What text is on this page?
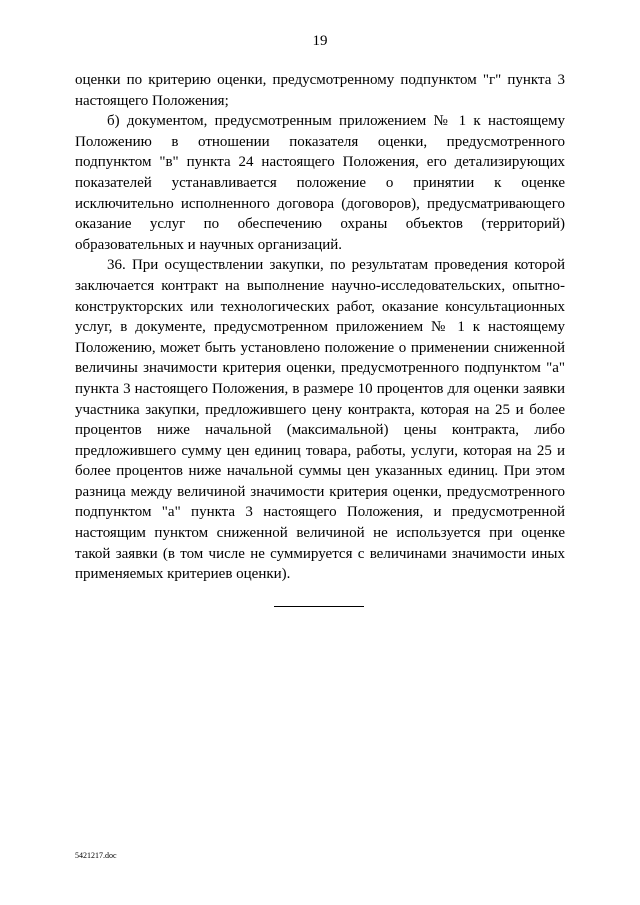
19

оценки по критерию оценки, предусмотренному подпунктом "г" пункта 3 настоящего Положения;

б) документом, предусмотренным приложением № 1 к настоящему Положению в отношении показателя оценки, предусмотренного подпунктом "в" пункта 24 настоящего Положения, его детализирующих показателей устанавливается положение о принятии к оценке исключительно исполненного договора (договоров), предусматривающего оказание услуг по обеспечению охраны объектов (территорий) образовательных и научных организаций.

36. При осуществлении закупки, по результатам проведения которой заключается контракт на выполнение научно-исследовательских, опытно-конструкторских или технологических работ, оказание консультационных услуг, в документе, предусмотренном приложением № 1 к настоящему Положению, может быть установлено положение о применении сниженной величины значимости критерия оценки, предусмотренного подпунктом "а" пункта 3 настоящего Положения, в размере 10 процентов для оценки заявки участника закупки, предложившего цену контракта, которая на 25 и более процентов ниже начальной (максимальной) цены контракта, либо предложившего сумму цен единиц товара, работы, услуги, которая на 25 и более процентов ниже начальной суммы цен указанных единиц. При этом разница между величиной значимости критерия оценки, предусмотренного подпунктом "а" пункта 3 настоящего Положения, и предусмотренной настоящим пунктом сниженной величиной не используется при оценке такой заявки (в том числе не суммируется с величинами значимости иных применяемых критериев оценки).

5421217.doc
